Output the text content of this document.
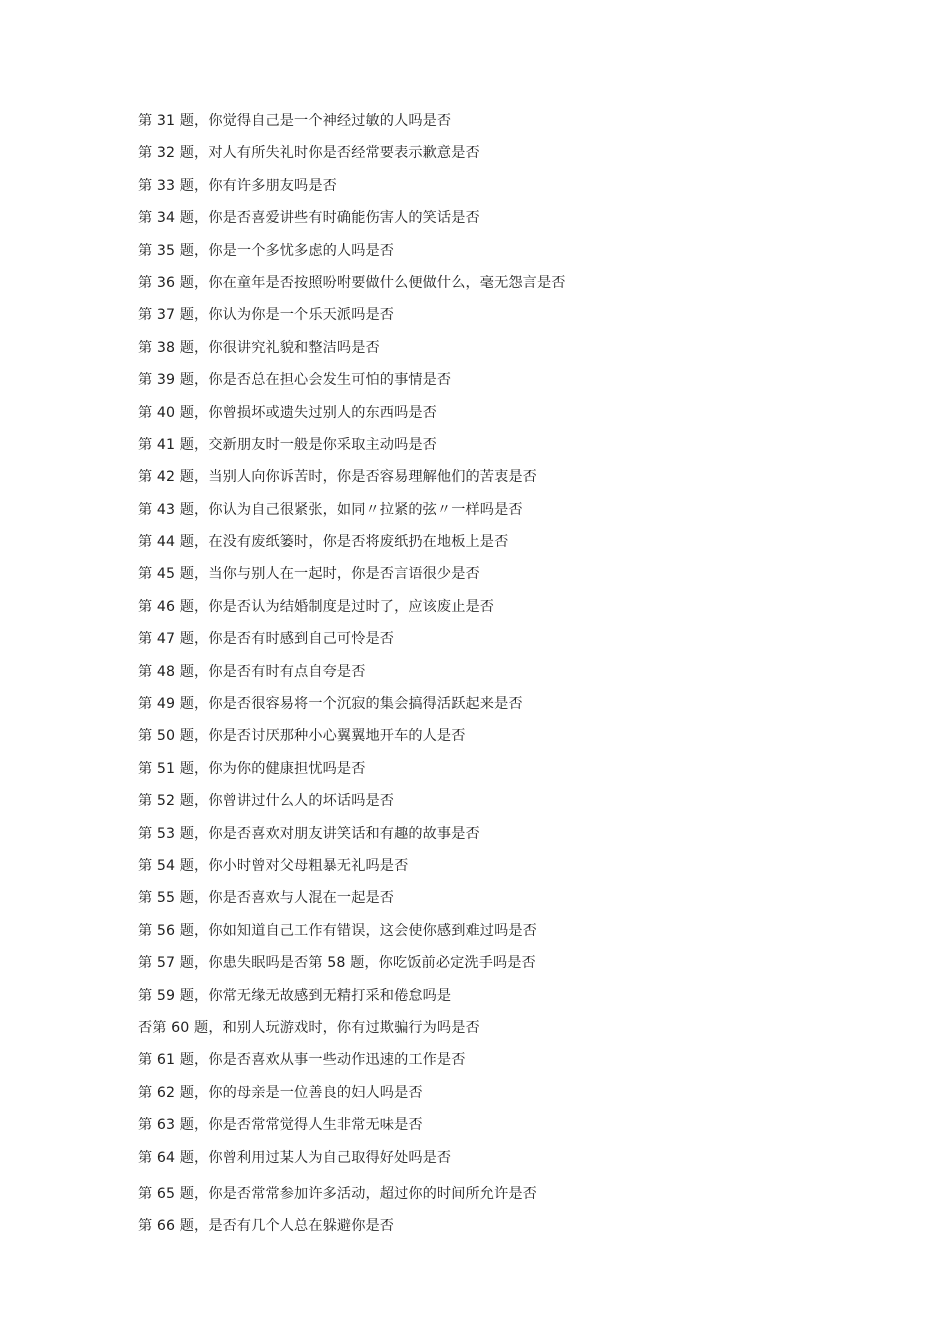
第 31 题，你觉得自己是一个神经过敏的人吗是否
第 32 题，对人有所失礼时你是否经常要表示歉意是否
第 33 题，你有许多朋友吗是否
第 34 题，你是否喜爱讲些有时确能伤害人的笑话是否
第 35 题，你是一个多忧多虑的人吗是否
第 36 题，你在童年是否按照吩咐要做什么便做什么，毫无怨言是否
第 37 题，你认为你是一个乐天派吗是否
第 38 题，你很讲究礼貌和整洁吗是否
第 39 题，你是否总在担心会发生可怕的事情是否
第 40 题，你曾损坏或遗失过别人的东西吗是否
第 41 题，交新朋友时一般是你采取主动吗是否
第 42 题，当别人向你诉苦时，你是否容易理解他们的苦衷是否
第 43 题，你认为自己很紧张，如同〃拉紧的弦〃一样吗是否
第 44 题，在没有废纸篓时，你是否将废纸扔在地板上是否
第 45 题，当你与别人在一起时，你是否言语很少是否
第 46 题，你是否认为结婚制度是过时了，应该废止是否
第 47 题，你是否有时感到自己可怜是否
第 48 题，你是否有时有点自夸是否
第 49 题，你是否很容易将一个沉寂的集会搞得活跃起来是否
第 50 题，你是否讨厌那种小心翼翼地开车的人是否
第 51 题，你为你的健康担忧吗是否
第 52 题，你曾讲过什么人的坏话吗是否
第 53 题，你是否喜欢对朋友讲笑话和有趣的故事是否
第 54 题，你小时曾对父母粗暴无礼吗是否
第 55 题，你是否喜欢与人混在一起是否
第 56 题，你如知道自己工作有错误，这会使你感到难过吗是否
第 57 题，你患失眠吗是否第 58 题，你吃饭前必定洗手吗是否
第 59 题，你常无缘无故感到无精打采和倦怠吗是
否第 60 题，和别人玩游戏时，你有过欺骗行为吗是否
第 61 题，你是否喜欢从事一些动作迅速的工作是否
第 62 题，你的母亲是一位善良的妇人吗是否
第 63 题，你是否常常觉得人生非常无味是否
第 64 题，你曾利用过某人为自己取得好处吗是否
第 65 题，你是否常常参加许多活动，超过你的时间所允许是否
第 66 题，是否有几个人总在躲避你是否
